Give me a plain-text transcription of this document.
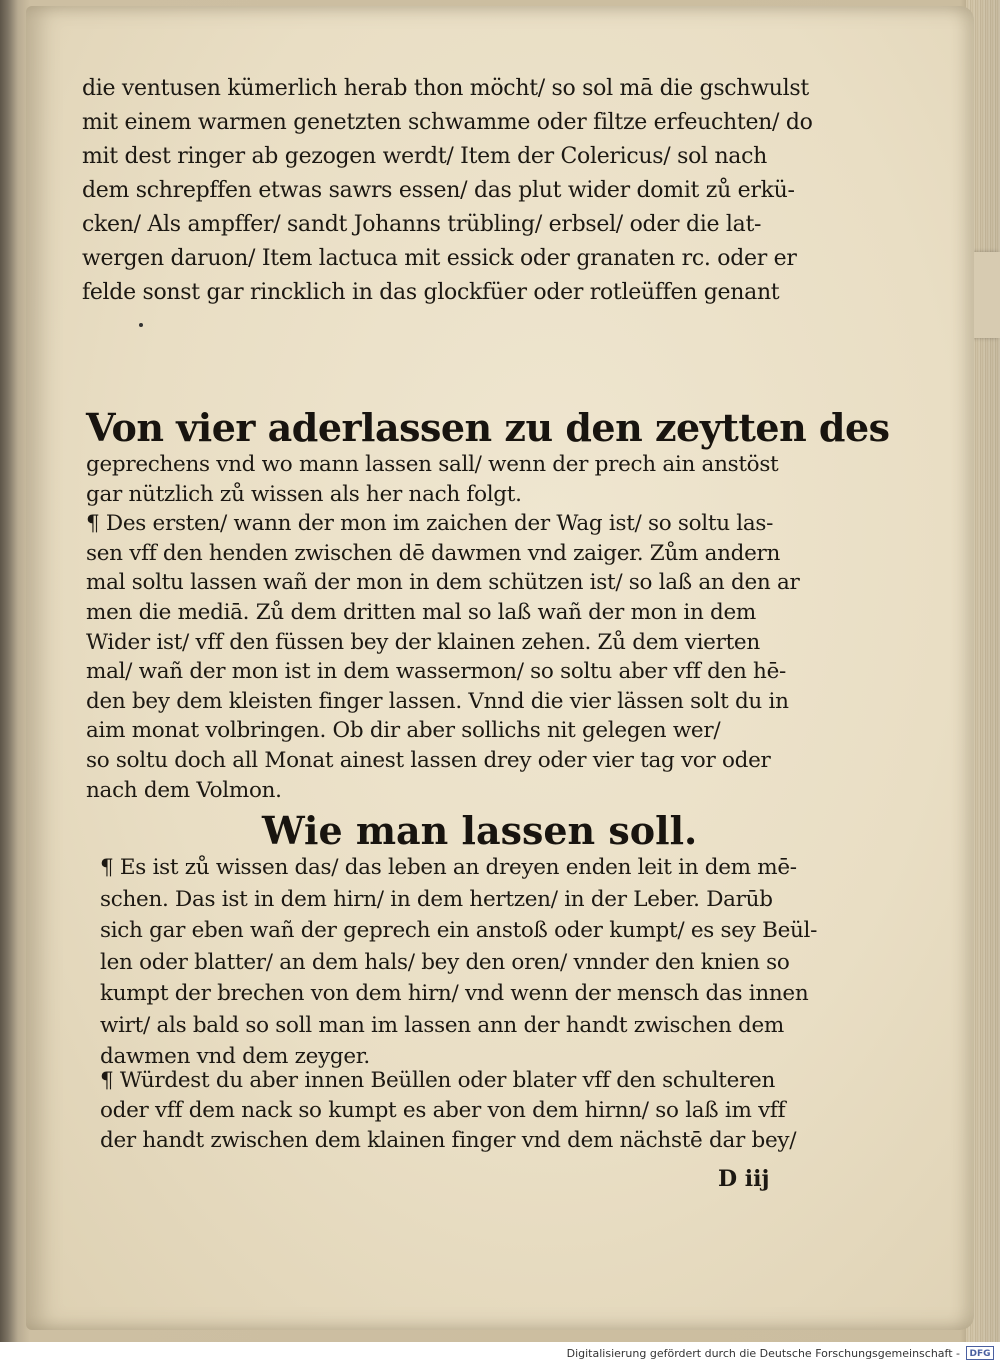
die ventusen kümerlich herab thon möcht/ so sol mā die gschwulst

mit einem warmen genetzten schwamme oder filtze erfeuchten/ do

mit dest ringer ab gezogen werdt/ Item der Colericus/ sol nach

dem schrepffen etwas sawrs essen/ das plut wider domit zů erkü-

cken/ Als ampffer/ sandt Johanns trübling/ erbsel/ oder die lat-

wergen daruon/ Item lactuca mit essick oder granaten rc. oder er

felde sonst gar rincklich in das glockfüer oder rotleüffen genant

Von vier aderlassen zu den zeytten des

geprechens vnd wo mann lassen sall/ wenn der prech ain anstöst

gar nützlich zů wissen als her nach folgt.

¶ Des ersten/ wann der mon im zaichen der Wag ist/ so soltu las-

sen vff den henden zwischen dē dawmen vnd zaiger. Zům andern

mal soltu lassen wañ der mon in dem schützen ist/ so laß an den ar

men die mediā. Zů dem dritten mal so laß wañ der mon in dem

Wider ist/ vff den füssen bey der klainen zehen. Zů dem vierten

mal/ wañ der mon ist in dem wassermon/ so soltu aber vff den hē-

den bey dem kleisten finger lassen. Vnnd die vier lässen solt du in

aim monat volbringen. Ob dir aber sollichs nit gelegen wer/

so soltu doch all Monat ainest lassen drey oder vier tag vor oder

nach dem Volmon.

Wie man lassen soll.

¶ Es ist zů wissen das/ das leben an dreyen enden leit in dem mē-

schen. Das ist in dem hirn/ in dem hertzen/ in der Leber. Darūb

sich gar eben wañ der geprech ein anstoß oder kumpt/ es sey Beül-

len oder blatter/ an dem hals/ bey den oren/ vnnder den knien so

kumpt der brechen von dem hirn/ vnd wenn der mensch das innen

wirt/ als bald so soll man im lassen ann der handt zwischen dem

dawmen vnd dem zeyger.

¶ Würdest du aber innen Beüllen oder blater vff den schulteren

oder vff dem nack so kumpt es aber von dem hirnn/ so laß im vff

der handt zwischen dem klainen finger vnd dem nächstē dar bey/

D iij
Digitalisierung gefördert durch die Deutsche Forschungsgemeinschaft -	DFG
